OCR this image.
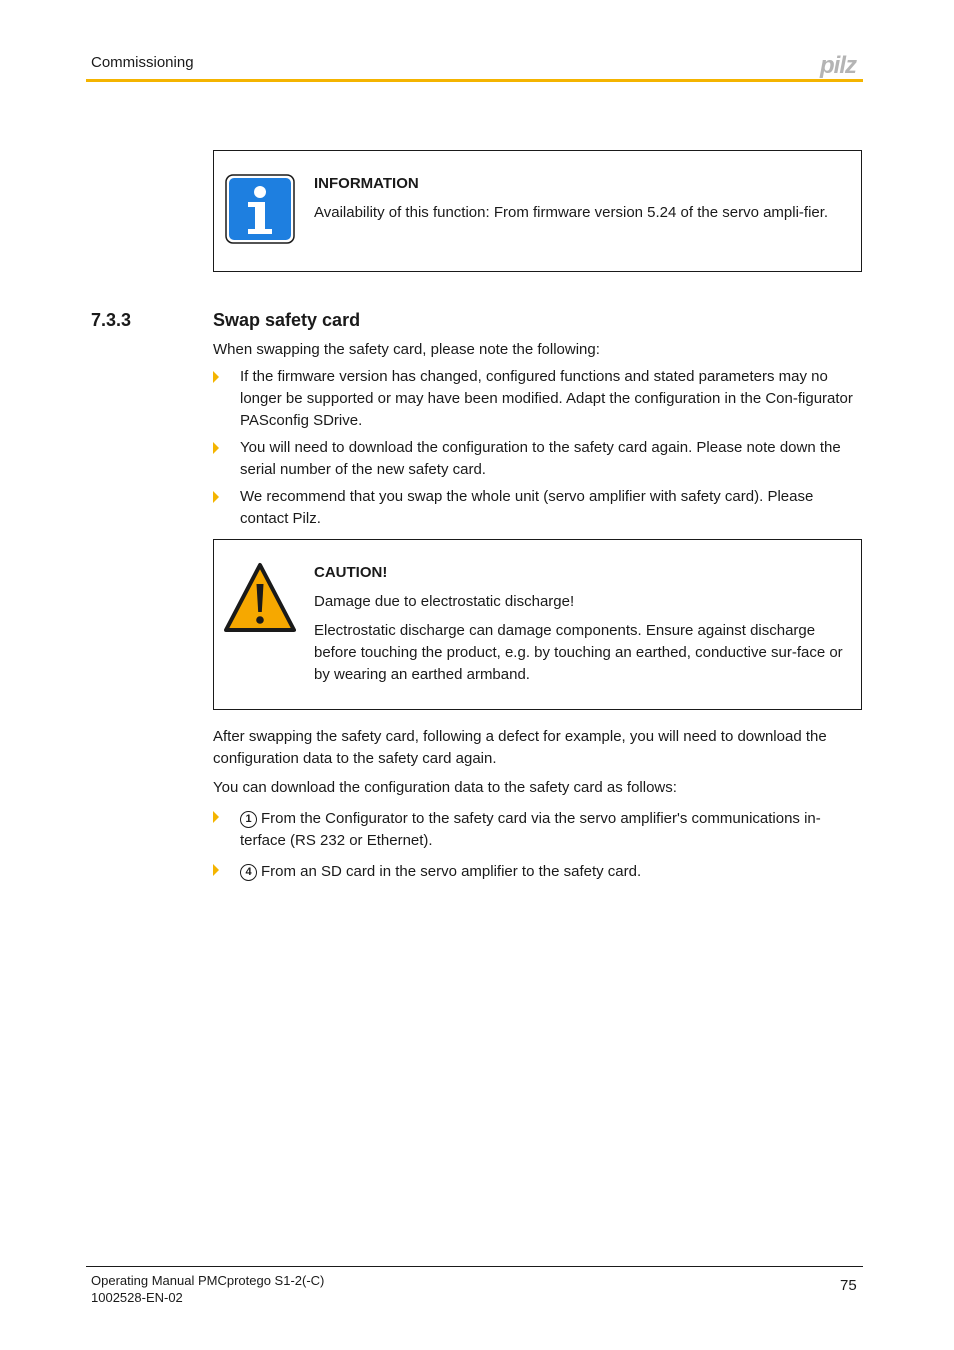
Commissioning	pilz
INFORMATION
Availability of this function: From firmware version 5.24 of the servo ampli-fier.
7.3.3	Swap safety card
When swapping the safety card, please note the following:
If the firmware version has changed, configured functions and stated parameters may no longer be supported or may have been modified. Adapt the configuration in the Con-figurator PASconfig SDrive.
You will need to download the configuration to the safety card again. Please note down the serial number of the new safety card.
We recommend that you swap the whole unit (servo amplifier with safety card). Please contact Pilz.
CAUTION!
Damage due to electrostatic discharge!
Electrostatic discharge can damage components. Ensure against discharge before touching the product, e.g. by touching an earthed, conductive sur-face or by wearing an earthed armband.
After swapping the safety card, following a defect for example, you will need to download the configuration data to the safety card again.
You can download the configuration data to the safety card as follows:
1 From the Configurator to the safety card via the servo amplifier's communications in-terface (RS 232 or Ethernet).
4 From an SD card in the servo amplifier to the safety card.
Operating Manual PMCprotego S1-2(-C)
1002528-EN-02
75
